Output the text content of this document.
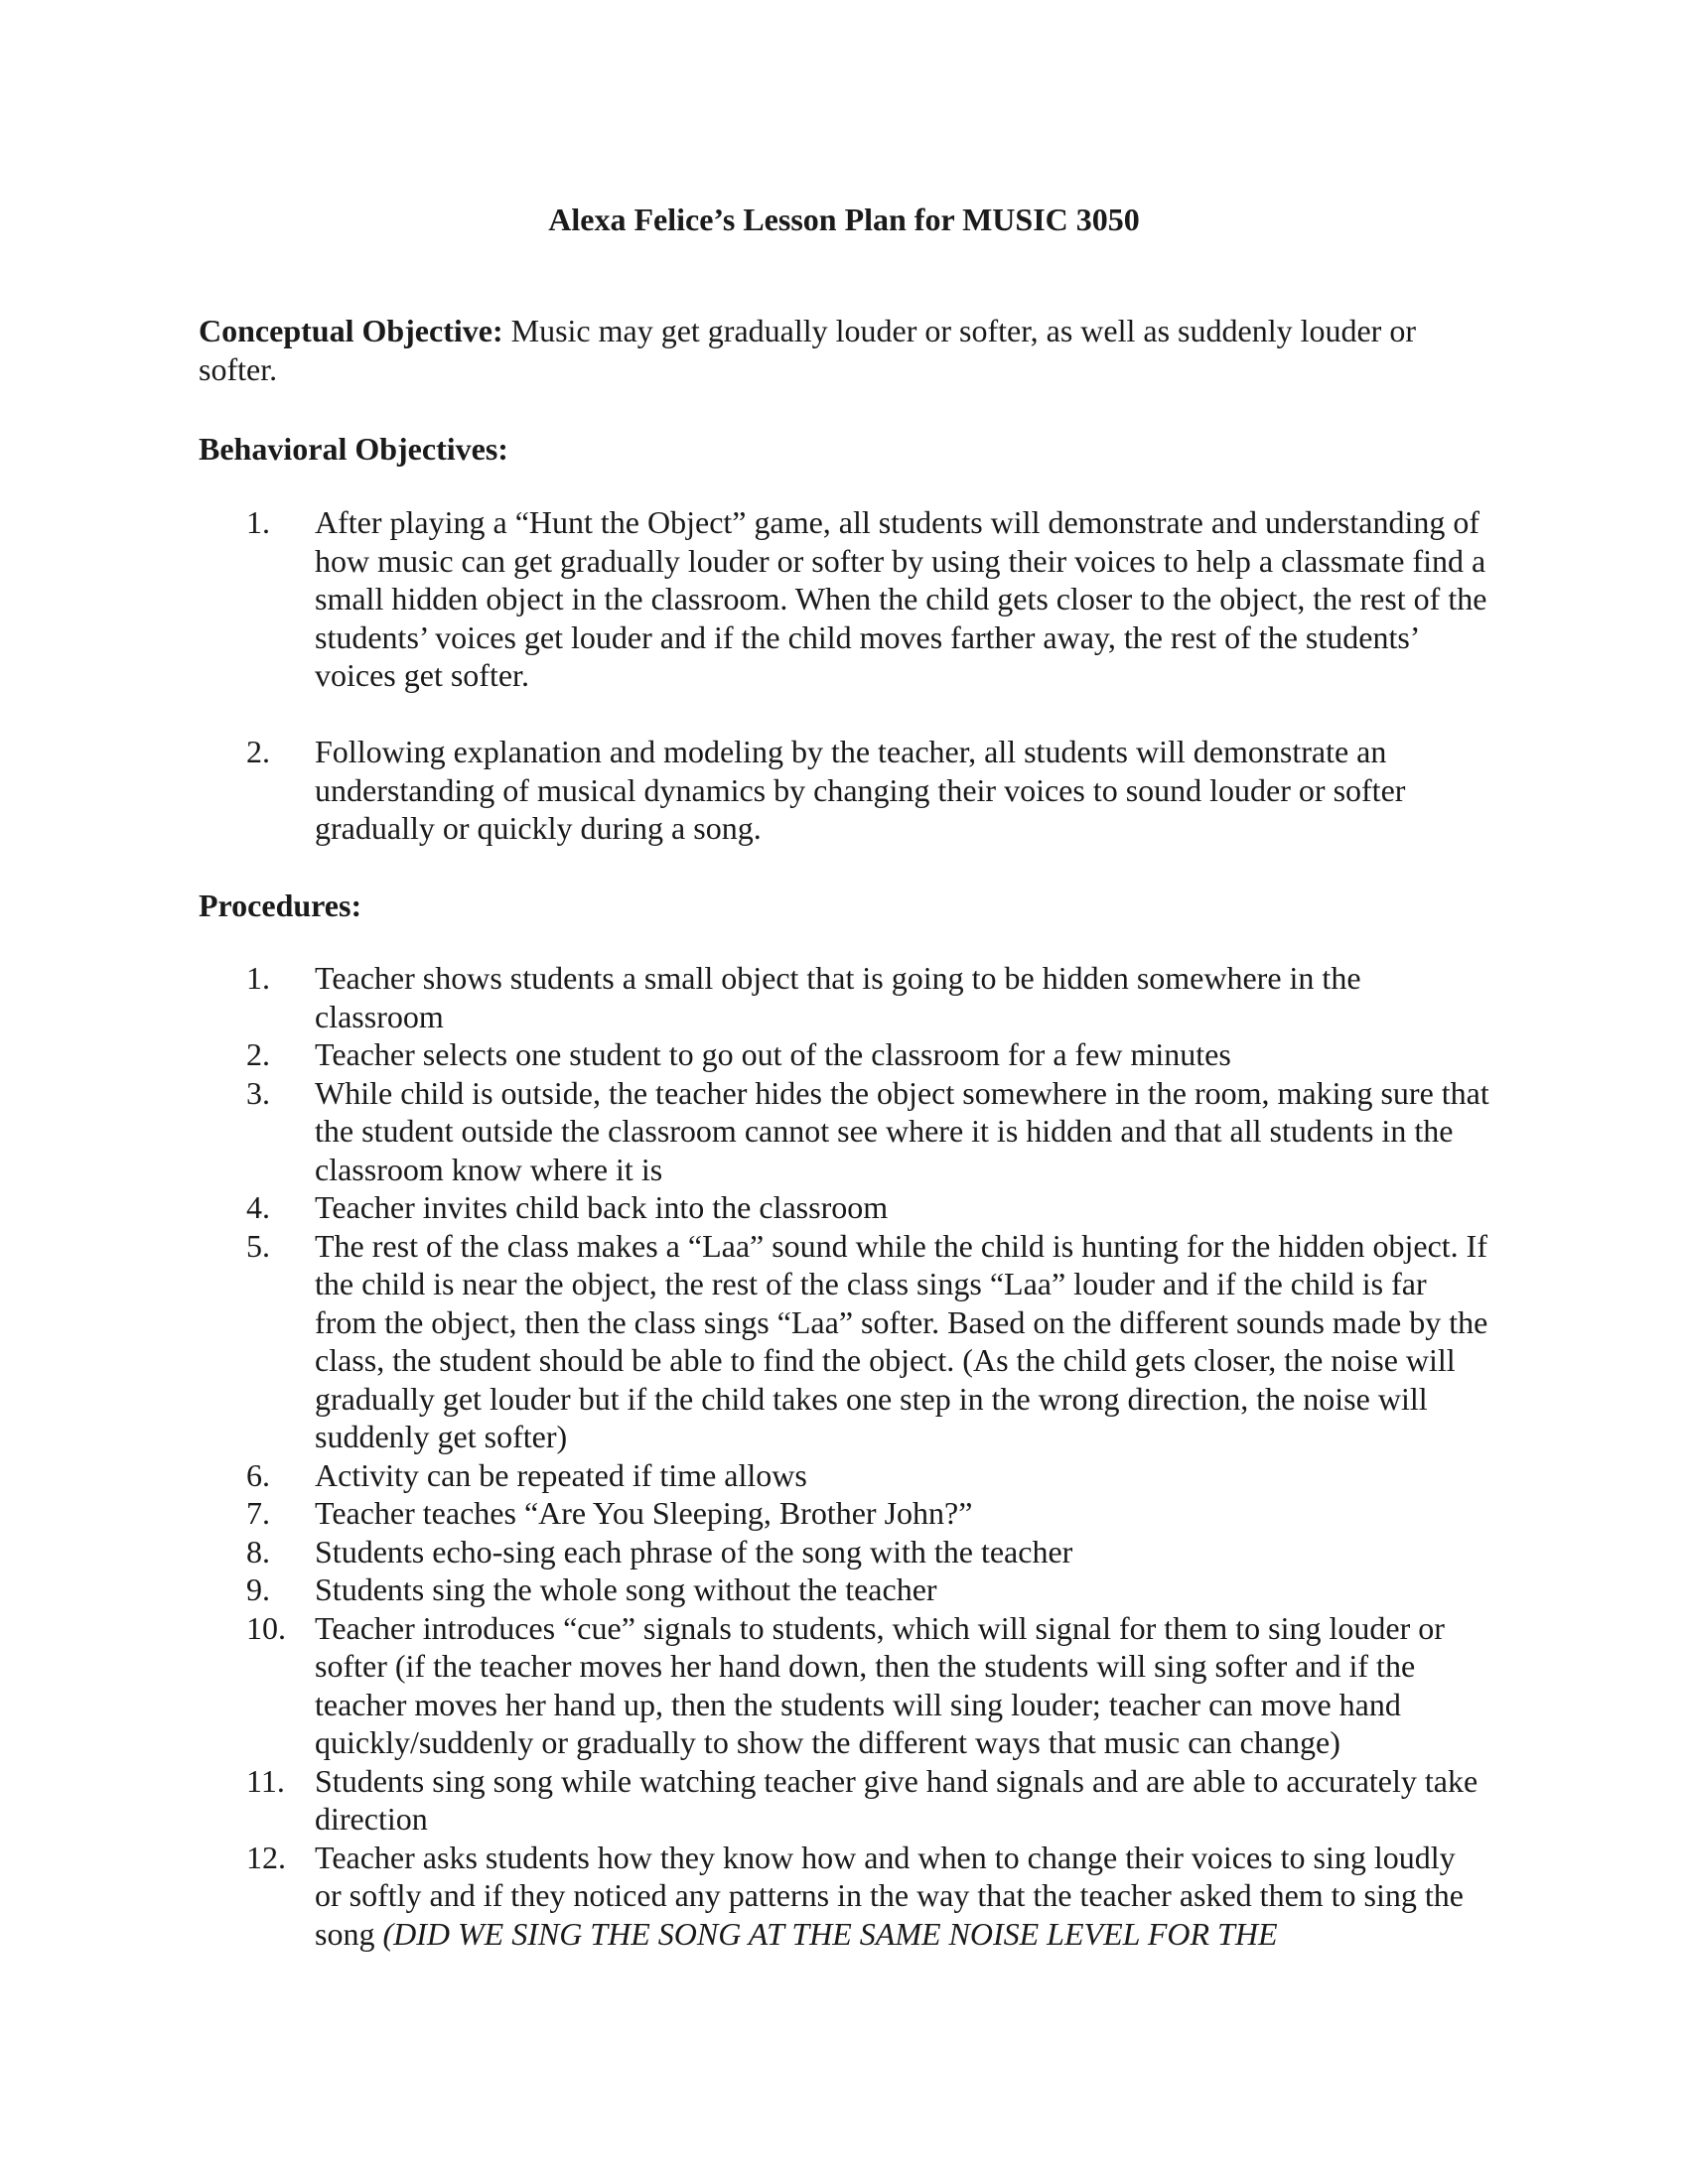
Alexa Felice’s Lesson Plan for MUSIC 3050
Conceptual Objective: Music may get gradually louder or softer, as well as suddenly louder or softer.
Behavioral Objectives:
1. After playing a “Hunt the Object” game, all students will demonstrate and understanding of how music can get gradually louder or softer by using their voices to help a classmate find a small hidden object in the classroom. When the child gets closer to the object, the rest of the students’ voices get louder and if the child moves farther away, the rest of the students’ voices get softer.
2. Following explanation and modeling by the teacher, all students will demonstrate an understanding of musical dynamics by changing their voices to sound louder or softer gradually or quickly during a song.
Procedures:
1. Teacher shows students a small object that is going to be hidden somewhere in the classroom
2. Teacher selects one student to go out of the classroom for a few minutes
3. While child is outside, the teacher hides the object somewhere in the room, making sure that the student outside the classroom cannot see where it is hidden and that all students in the classroom know where it is
4. Teacher invites child back into the classroom
5. The rest of the class makes a “Laa” sound while the child is hunting for the hidden object. If the child is near the object, the rest of the class sings “Laa” louder and if the child is far from the object, then the class sings “Laa” softer. Based on the different sounds made by the class, the student should be able to find the object. (As the child gets closer, the noise will gradually get louder but if the child takes one step in the wrong direction, the noise will suddenly get softer)
6. Activity can be repeated if time allows
7. Teacher teaches “Are You Sleeping, Brother John?”
8. Students echo-sing each phrase of the song with the teacher
9. Students sing the whole song without the teacher
10. Teacher introduces “cue” signals to students, which will signal for them to sing louder or softer (if the teacher moves her hand down, then the students will sing softer and if the teacher moves her hand up, then the students will sing louder; teacher can move hand quickly/suddenly or gradually to show the different ways that music can change)
11. Students sing song while watching teacher give hand signals and are able to accurately take direction
12. Teacher asks students how they know how and when to change their voices to sing loudly or softly and if they noticed any patterns in the way that the teacher asked them to sing the song (DID WE SING THE SONG AT THE SAME NOISE LEVEL FOR THE
